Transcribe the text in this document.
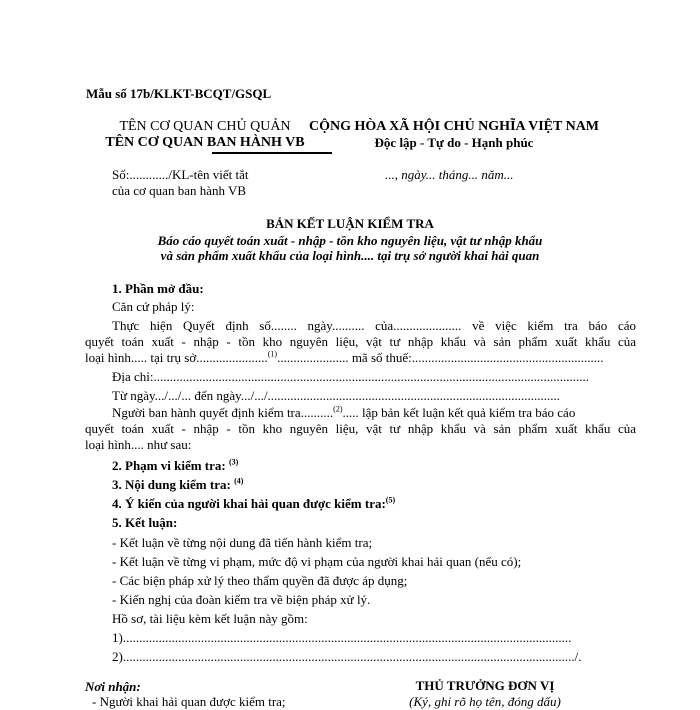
Mẫu số 17b/KLKT-BCQT/GSQL
TÊN CƠ QUAN CHỦ QUẢN
TÊN CƠ QUAN BAN HÀNH VB
CỘNG HÒA XÃ HỘI CHỦ NGHĨA VIỆT NAM
Độc lập - Tự do - Hạnh phúc
Số:............/KL-tên viết tắt
của cơ quan ban hành VB
..., ngày... tháng... năm...
BẢN KẾT LUẬN KIỂM TRA
Báo cáo quyết toán xuất - nhập - tồn kho nguyên liệu, vật tư nhập khẩu
và sản phẩm xuất khẩu của loại hình.... tại trụ sở người khai hải quan
1. Phần mở đầu:
Căn cứ pháp lý:
Thực hiện Quyết định số........ ngày.......... của..................... về việc kiểm tra báo cáo
quyết toán xuất - nhập - tồn kho nguyên liệu, vật tư nhập khẩu và sản phẩm xuất khẩu của
loại hình..... tại trụ sở......................$^{(1)}$...................... mã số thuế:...........................................................
Địa chỉ:......................................................................................................................................
Từ ngày.../.../... đến ngày.../.../..........................................................................................
Người ban hành quyết định kiểm tra..........$^{(2)}$..... lập bản kết luận kết quả kiểm tra báo cáo
quyết toán xuất - nhập - tồn kho nguyên liệu, vật tư nhập khẩu và sản phẩm xuất khẩu của
loại hình.... như sau:
2. Phạm vi kiểm tra: $^{(3)}$
3. Nội dung kiểm tra: $^{(4)}$
4. Ý kiến của người khai hải quan được kiểm tra:$^{(5)}$
5. Kết luận:
- Kết luận về từng nội dung đã tiến hành kiểm tra;
- Kết luận về từng vi phạm, mức độ vi phạm của người khai hải quan (nếu có);
- Các biện pháp xử lý theo thẩm quyền đã được áp dụng;
- Kiến nghị của đoàn kiểm tra về biện pháp xử lý.
Hồ sơ, tài liệu kèm kết luận này gồm:
1)..........................................................................................................................................
2).........................................................................................................................................../.
Nơi nhận:
- Người khai hải quan được kiểm tra;
THỦ TRƯỞNG ĐƠN VỊ
(Ký, ghi rõ họ tên, đóng dấu)
